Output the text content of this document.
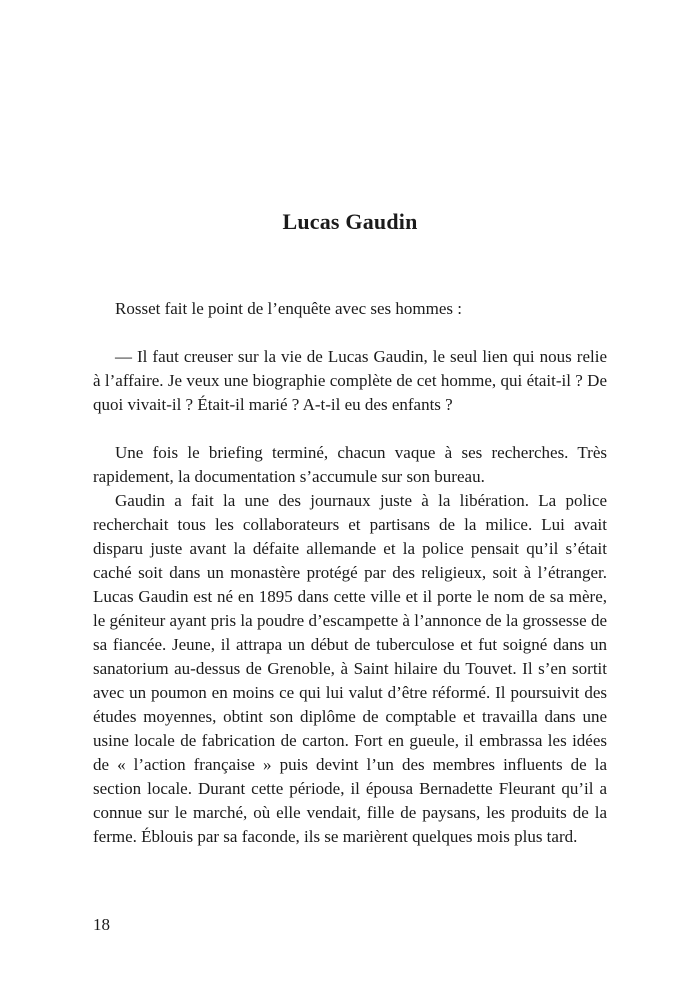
Lucas Gaudin

Rosset fait le point de l’enquête avec ses hommes :

— Il faut creuser sur la vie de Lucas Gaudin, le seul lien qui nous relie à l’affaire. Je veux une biographie complète de cet homme, qui était-il ? De quoi vivait-il ? Était-il marié ? A-t-il eu des enfants ?

Une fois le briefing terminé, chacun vaque à ses recherches. Très rapidement, la documentation s’accumule sur son bureau.

Gaudin a fait la une des journaux juste à la libération. La police recherchait tous les collaborateurs et partisans de la milice. Lui avait disparu juste avant la défaite allemande et la police pensait qu’il s’était caché soit dans un monastère protégé par des religieux, soit à l’étranger. Lucas Gaudin est né en 1895 dans cette ville et il porte le nom de sa mère, le géniteur ayant pris la poudre d’escampette à l’annonce de la grossesse de sa fiancée. Jeune, il attrapa un début de tuberculose et fut soigné dans un sanatorium au-dessus de Grenoble, à Saint hilaire du Touvet. Il s’en sortit avec un poumon en moins ce qui lui valut d’être réformé. Il poursuivit des études moyennes, obtint son diplôme de comptable et travailla dans une usine locale de fabrication de carton. Fort en gueule, il embrassa les idées de « l’action française » puis devint l’un des membres influents de la section locale. Durant cette période, il épousa Bernadette Fleurant qu’il a connue sur le marché, où elle vendait, fille de paysans, les produits de la ferme. Éblouis par sa faconde, ils se marièrent quelques mois plus tard.

18
